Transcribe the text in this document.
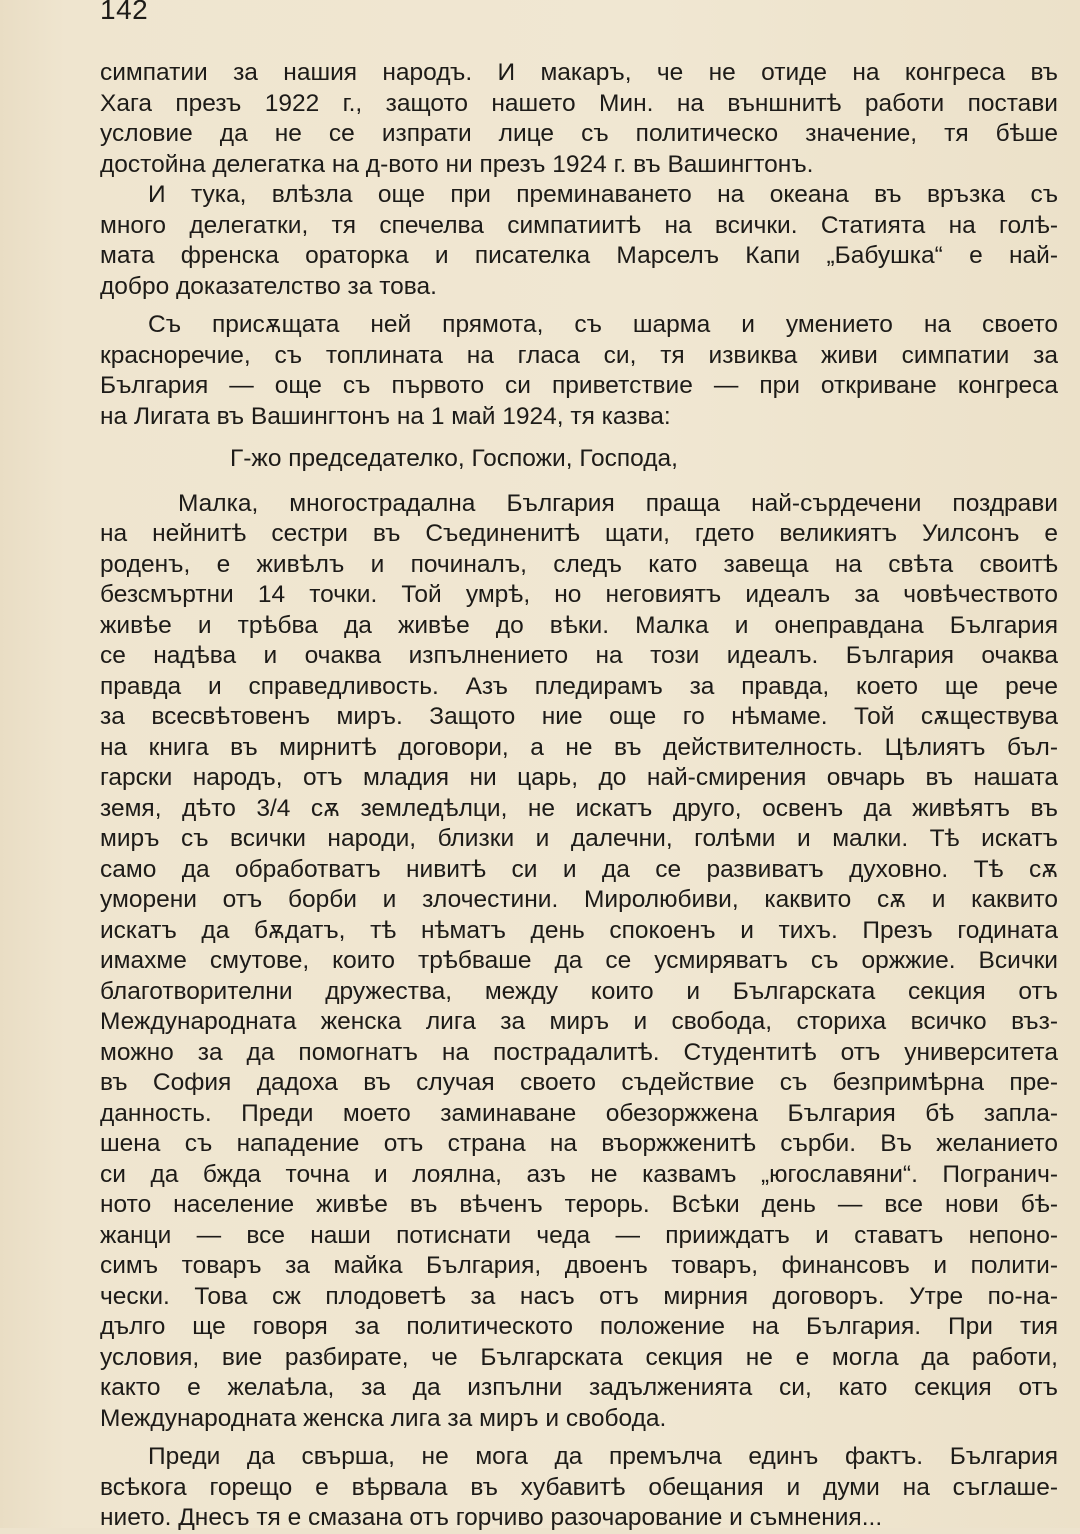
142
симпатии за нашия народъ. И макаръ, че не отиде на конгреса въ
Хага презъ 1922 г., защото нашето Мин. на външнитѣ работи постави
условие да не се изпрати лице съ политическо значение, тя бѣше
достойна делегатка на д-вото ни презъ 1924 г. въ Вашингтонъ.
И тука, влѣзла още при преминаването на океана въ връзка съ
много делегатки, тя спечелва симпатиитѣ на всички. Статията на голѣ-
мата френска ораторка и писателка Марселъ Капи „Бабушка“ е най-
добро доказателство за това.
Съ присѫщата ней прямота, съ шарма и умението на своето
красноречие, съ топлината на гласа си, тя извиква живи симпатии за
България — още съ първото си приветствие — при откриване конгреса
на Лигата въ Вашингтонъ на 1 май 1924, тя казва:
Г-жо председателко, Госпожи, Господа,
Малка, многострадална България праща най-сърдечени поздрави
на нейнитѣ сестри въ Съединенитѣ щати, гдето великиятъ Уилсонъ е
роденъ, е живѣлъ и починалъ, следъ като завеща на свѣта своитѣ
безсмъртни 14 точки. Той умрѣ, но неговиятъ идеалъ за човѣчеството
живѣе и трѣбва да живѣе до вѣки. Малка и онеправдана България
се надѣва и очаква изпълнението на този идеалъ. България очаква
правда и справедливость. Азъ пледирамъ за правда, което ще рече
за всесвѣтовенъ миръ. Защото ние още го нѣмаме. Той сѫществува
на книга въ мирнитѣ договори, а не въ действителность. Цѣлиятъ бъл-
гарски народъ, отъ младия ни царь, до най-смирения овчарь въ нашата
земя, дѣто 3/4 сѫ земледѣлци, не искатъ друго, освенъ да живѣятъ въ
миръ съ всички народи, близки и далечни, голѣми и малки. Тѣ искатъ
само да обработватъ нивитѣ си и да се развиватъ духовно. Тѣ сѫ
уморени отъ борби и злочестини. Миролюбиви, каквито сѫ и каквито
искатъ да бѫдатъ, тѣ нѣматъ день спокоенъ и тихъ. Презъ годината
имахме смутове, които трѣбваше да се усмиряватъ съ оржжие. Всички
благотворителни дружества, между които и Българската секция отъ
Международната женска лига за миръ и свобода, сториха всичко въз-
можно за да помогнатъ на пострадалитѣ. Студентитѣ отъ университета
въ София дадоха въ случая своето съдействие съ безпримѣрна пре-
данность. Преди моето заминаване обезоржжена България бѣ запла-
шена съ нападение отъ страна на въоржженитѣ сърби. Въ желанието
си да бжда точна и лоялна, азъ не казвамъ „югославяни“. Погранич-
ното население живѣе въ вѣченъ терорь. Всѣки день — все нови бѣ-
жанци — все наши потиснати чеда — прииждатъ и ставатъ непоно-
симъ товаръ за майка България, двоенъ товаръ, финансовъ и полити-
чески. Това сж плодоветѣ за насъ отъ мирния договоръ. Утре по-на-
дълго ще говоря за политическото положение на България. При тия
условия, вие разбирате, че Българската секция не е могла да работи,
както е желаѣла, за да изпълни задълженията си, като секция отъ
Международната женска лига за миръ и свобода.
Преди да свърша, не мога да премълча единъ фактъ. България
всѣкога горещо е вѣрвала въ хубавитѣ обещания и думи на съглаше-
нието. Днесъ тя е смазана отъ горчиво разочарование и съмнения...
